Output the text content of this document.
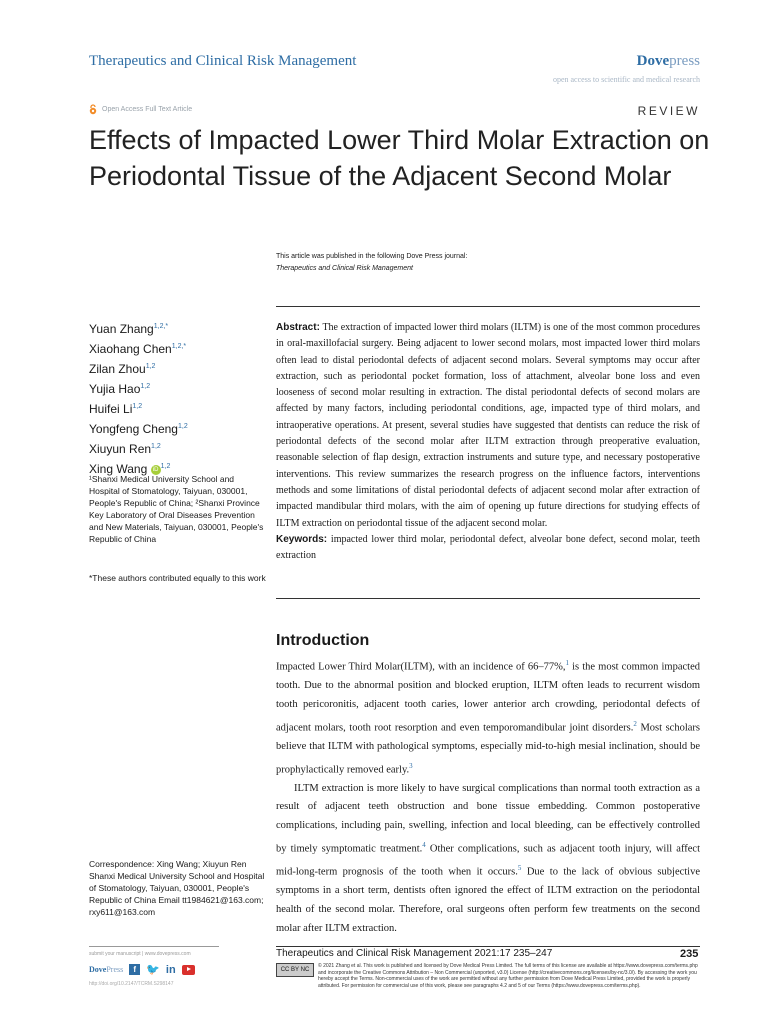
Therapeutics and Clinical Risk Management	Dovepress
open access to scientific and medical research
Open Access Full Text Article	REVIEW
Effects of Impacted Lower Third Molar Extraction on Periodontal Tissue of the Adjacent Second Molar
This article was published in the following Dove Press journal:
Therapeutics and Clinical Risk Management
Yuan Zhang$^{1,2,*}$
Xiaohang Chen$^{1,2,*}$
Zilan Zhou$^{1,2}$
Yujia Hao$^{1,2}$
Huifei Li$^{1,2}$
Yongfeng Cheng$^{1,2}$
Xiuyun Ren$^{1,2}$
Xing Wang iD $^{1,2}$
¹Shanxi Medical University School and Hospital of Stomatology, Taiyuan, 030001, People's Republic of China; ²Shanxi Province Key Laboratory of Oral Diseases Prevention and New Materials, Taiyuan, 030001, People's Republic of China
*These authors contributed equally to this work
Abstract: The extraction of impacted lower third molars (ILTM) is one of the most common procedures in oral-maxillofacial surgery. Being adjacent to lower second molars, most impacted lower third molars often lead to distal periodontal defects of adjacent second molars. Several symptoms may occur after extraction, such as periodontal pocket formation, loss of attachment, alveolar bone loss and even looseness of second molar resulting in extraction. The distal periodontal defects of second molars are affected by many factors, including periodontal conditions, age, impacted type of third molars, and intraoperative operations. At present, several studies have suggested that dentists can reduce the risk of periodontal defects of the second molar after ILTM extraction through preoperative evaluation, reasonable selection of flap design, extraction instruments and suture type, and necessary postoperative interventions. This review summarizes the research progress on the influence factors, interventions methods and some limitations of distal periodontal defects of adjacent second molar after extraction of impacted mandibular third molars, with the aim of opening up future directions for studying effects of ILTM extraction on periodontal tissue of the adjacent second molar.
Keywords: impacted lower third molar, periodontal defect, alveolar bone defect, second molar, teeth extraction
Introduction

Impacted Lower Third Molar(ILTM), with an incidence of 66–77%,$^1$ is the most common impacted tooth. Due to the abnormal position and blocked eruption, ILTM often leads to recurrent wisdom tooth pericoronitis, adjacent tooth caries, lower anterior arch crowding, periodontal defects of adjacent molars, tooth root resorption and even temporomandibular joint disorders.$^2$ Most scholars believe that ILTM with pathological symptoms, especially mid-to-high mesial inclination, should be prophylactically removed early.$^3$

ILTM extraction is more likely to have surgical complications than normal tooth extraction as a result of adjacent teeth obstruction and bone tissue embedding. Common postoperative complications, including pain, swelling, infection and local bleeding, can be effectively controlled by timely symptomatic treatment.$^4$ Other complications, such as adjacent tooth injury, will affect mid-long-term prognosis of the tooth when it occurs.$^5$ Due to the lack of obvious subjective symptoms in a short term, dentists often ignored the effect of ILTM extraction on the periodontal health of the second molar. Therefore, oral surgeons often perform few treatments on the second molar after ILTM extraction.

Correspondence: Xing Wang; Xiuyun Ren Shanxi Medical University School and Hospital of Stomatology, Taiyuan, 030001, People's Republic of China Email tt1984621@163.com; rxy611@163.com
submit your manuscript | www.dovepress.com
DovePress	f 🐦 in
http://doi.org/10.2147/TCRM.S298147
Therapeutics and Clinical Risk Management 2021:17 235–247	235
CC BY NC
© 2021 Zhang et al. This work is published and licensed by Dove Medical Press Limited. The full terms of this license are available at https://www.dovepress.com/terms.php and incorporate the Creative Commons Attribution – Non Commercial (unported, v3.0) License (http://creativecommons.org/licenses/by-nc/3.0/). By accessing the work you hereby accept the Terms. Non-commercial uses of the work are permitted without any further permission from Dove Medical Press Limited, provided the work is properly attributed. For permission for commercial use of this work, please see paragraphs 4.2 and 5 of our Terms (https://www.dovepress.com/terms.php).
